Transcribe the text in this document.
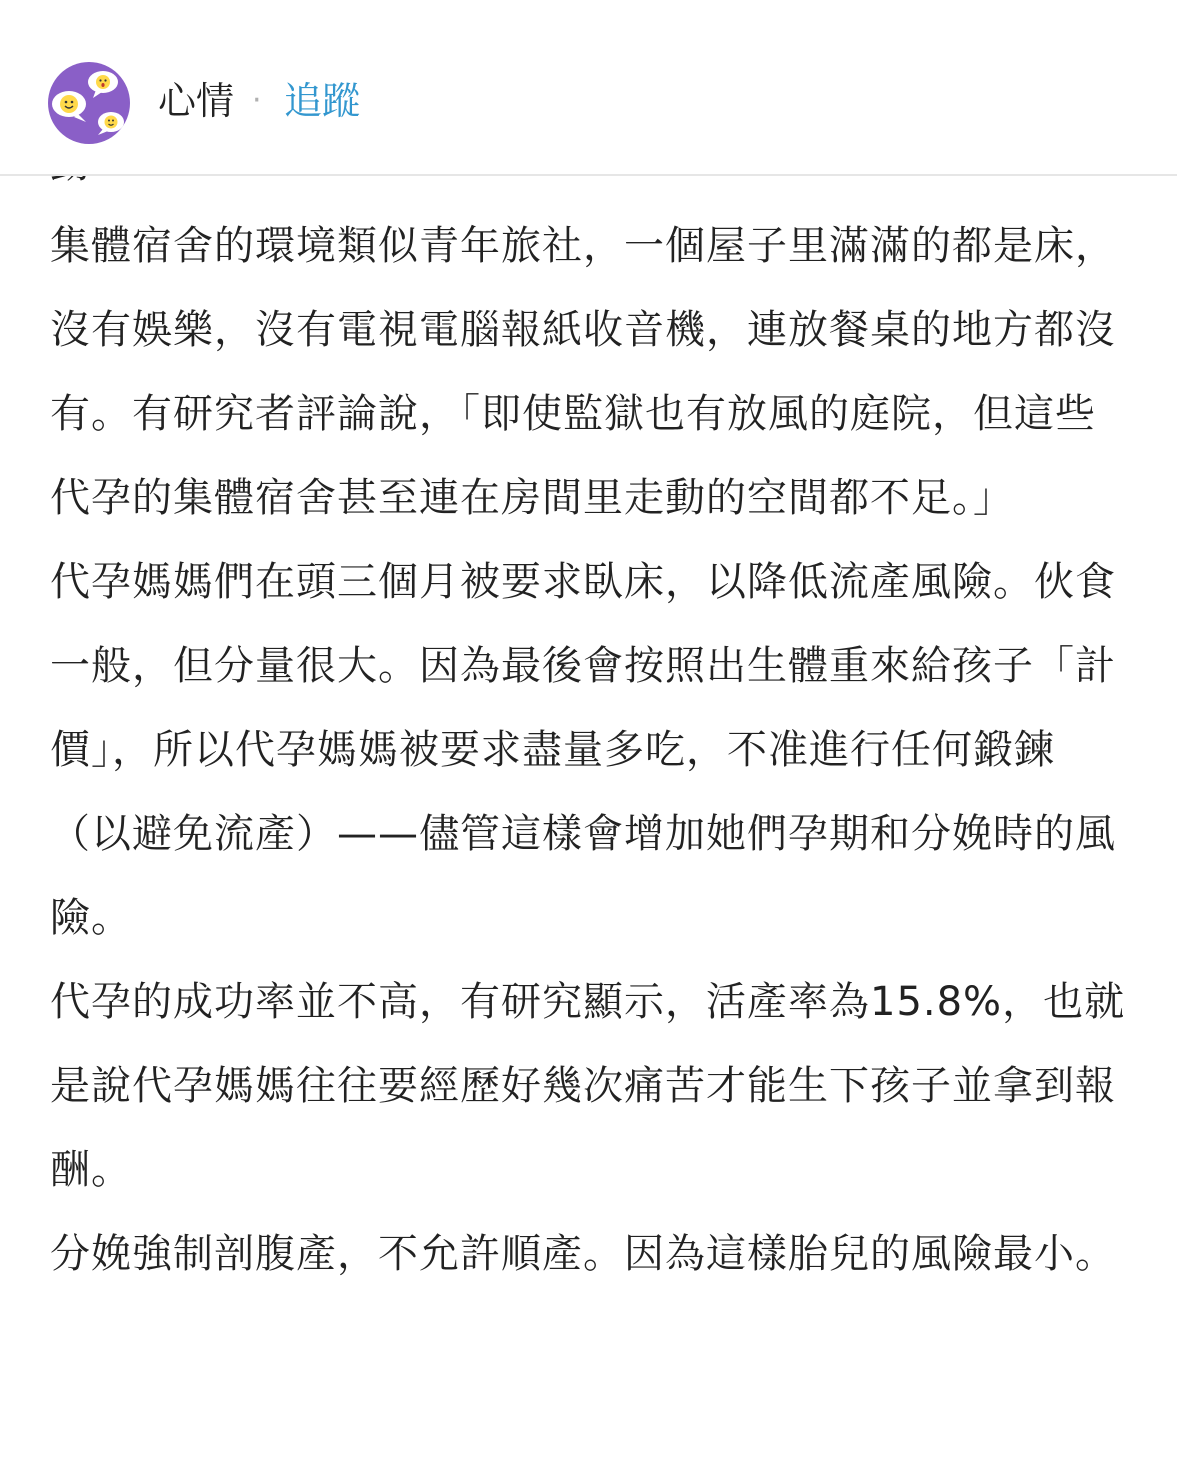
心情 · 追蹤

集體宿舍的環境類似青年旅社，一個屋子里滿滿的都是床，沒有娛樂，沒有電視電腦報紙收音機，連放餐桌的地方都沒有。有研究者評論說，「即使監獄也有放風的庭院，但這些代孕的集體宿舍甚至連在房間里走動的空間都不足。」

代孕媽媽們在頭三個月被要求臥床，以降低流產風險。伙食一般，但分量很大。因為最後會按照出生體重來給孩子「計價」，所以代孕媽媽被要求盡量多吃，不准進行任何鍛鍊（以避免流產）——儘管這樣會增加她們孕期和分娩時的風險。

代孕的成功率並不高，有研究顯示，活產率為15.8%，也就是說代孕媽媽往往要經歷好幾次痛苦才能生下孩子並拿到報酬。

分娩強制剖腹產，不允許順產。因為這樣胎兒的風險最小。
